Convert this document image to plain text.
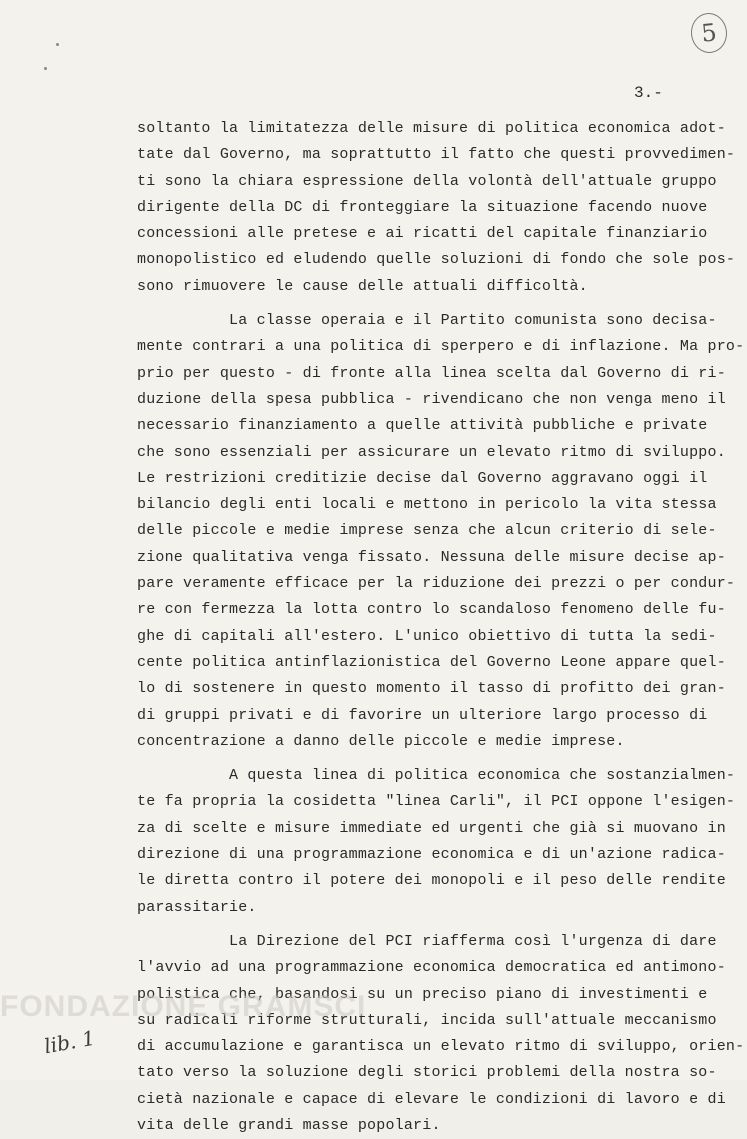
5
3.-
soltanto la limitatezza delle misure di politica economica adot-
tate dal Governo, ma soprattutto il fatto che questi provvedimen-
ti sono la chiara espressione della volontà dell'attuale gruppo
dirigente della DC di fronteggiare la situazione facendo nuove
concessioni alle pretese e ai ricatti del capitale finanziario
monopolistico ed eludendo quelle soluzioni di fondo che sole pos-
sono rimuovere le cause delle attuali difficoltà.
La classe operaia e il Partito comunista sono decisa-
mente contrari a una politica di sperpero e di inflazione. Ma pro-
prio per questo - di fronte alla linea scelta dal Governo di ri-
duzione della spesa pubblica - rivendicano che non venga meno il
necessario finanziamento a quelle attività pubbliche e private
che sono essenziali per assicurare un elevato ritmo di sviluppo.
Le restrizioni creditizie decise dal Governo aggravano oggi il
bilancio degli enti locali e mettono in pericolo la vita stessa
delle piccole e medie imprese senza che alcun criterio di sele-
zione qualitativa venga fissato. Nessuna delle misure decise ap-
pare veramente efficace per la riduzione dei prezzi o per condur-
re con fermezza la lotta contro lo scandaloso fenomeno delle fu-
ghe di capitali all'estero. L'unico obiettivo di tutta la sedi-
cente politica antinflazionistica del Governo Leone appare quel-
lo di sostenere in questo momento il tasso di profitto dei gran-
di gruppi privati e di favorire un ulteriore largo processo di
concentrazione a danno delle piccole e medie imprese.
A questa linea di politica economica che sostanzialmen-
te fa propria la cosidetta "linea Carli", il PCI oppone l'esigen-
za di scelte e misure immediate ed urgenti che già si muovano in
direzione di una programmazione economica e di un'azione radica-
le diretta contro il potere dei monopoli e il peso delle rendite
parassitarie.
La Direzione del PCI riafferma così l'urgenza di dare
l'avvio ad una programmazione economica democratica ed antimono-
polistica che, basandosi su un preciso piano di investimenti e
su radicali riforme strutturali, incida sull'attuale meccanismo
di accumulazione e garantisca un elevato ritmo di sviluppo, orien-
tato verso la soluzione degli storici problemi della nostra so-
cietà nazionale e capace di elevare le condizioni di lavoro e di
vita delle grandi masse popolari.
FONDAZIONE GRAMSCI
lib. 1
